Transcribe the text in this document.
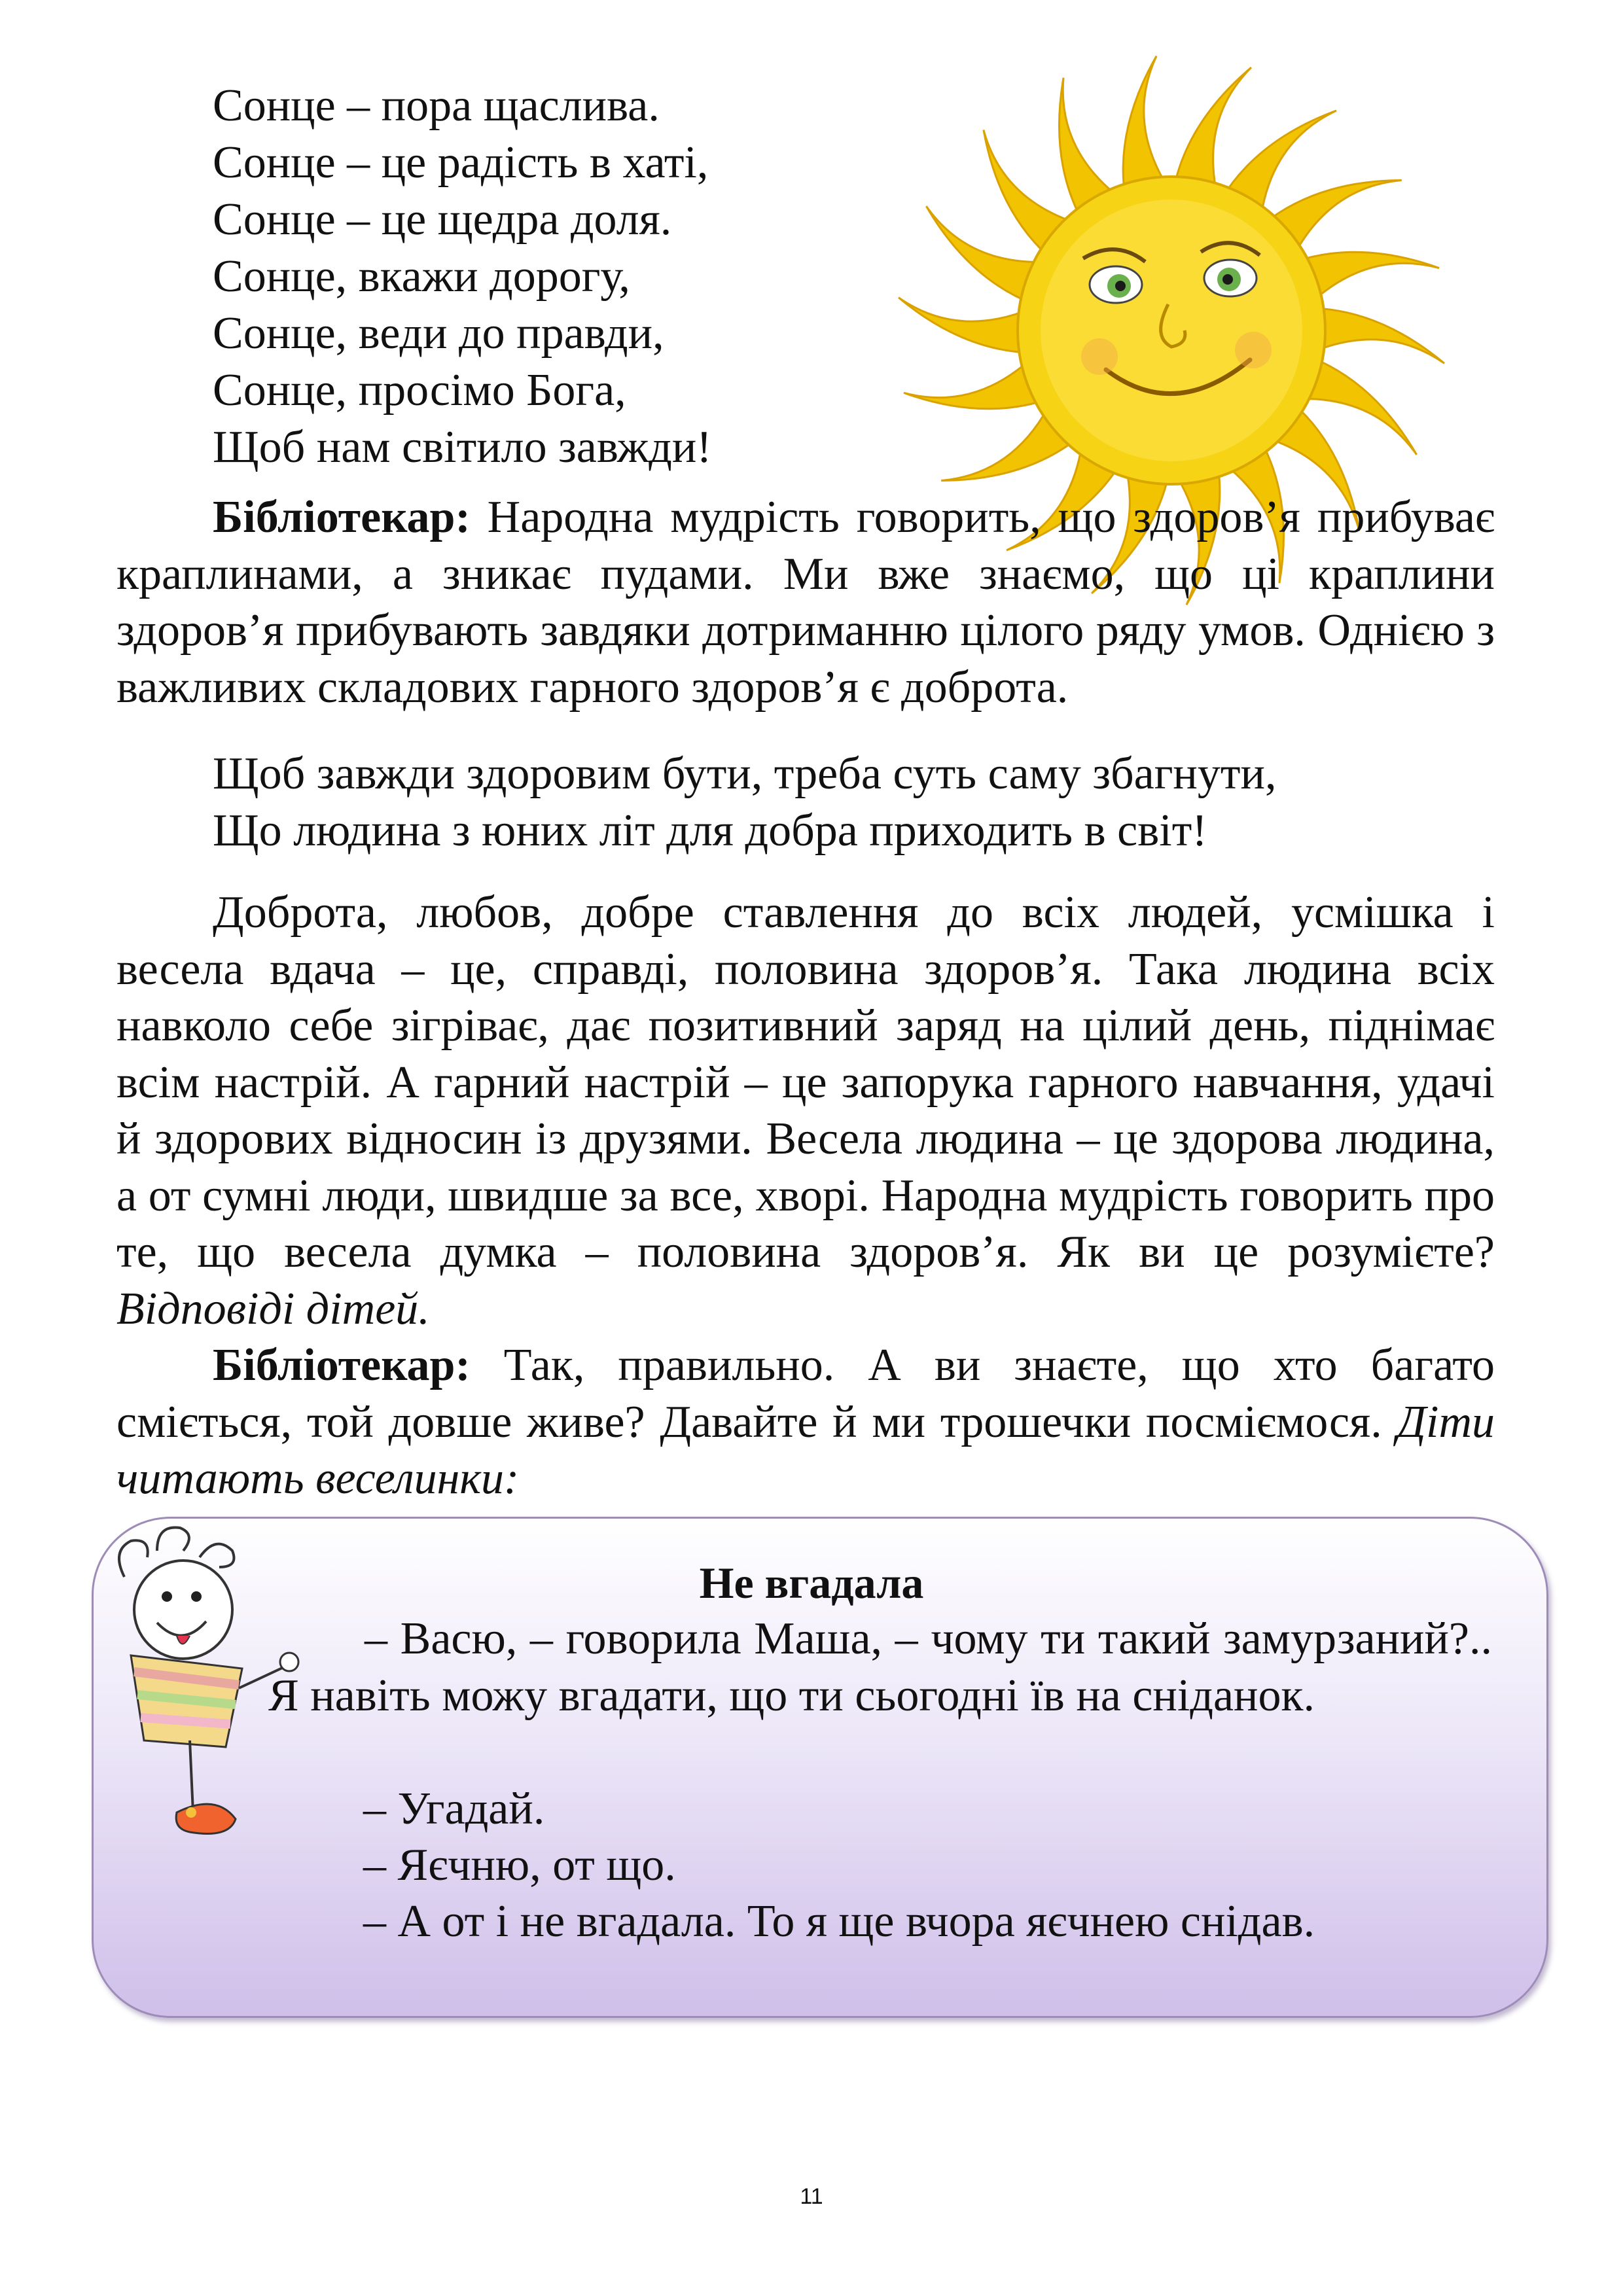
Сонце – пора щаслива.
Сонце – це радість в хаті,
Сонце – це щедра доля.
Сонце, вкажи дорогу,
Сонце, веди до правди,
Сонце, просімо Бога,
Щоб нам світило завжди!
Бібліотекар: Народна мудрість говорить, що здоров’я прибуває краплинами, а зникає пудами. Ми вже знаємо, що ці краплини здоров’я прибувають завдяки дотриманню цілого ряду умов. Однією з важливих складових гарного здоров’я є доброта.
Щоб завжди здоровим бути, треба суть саму збагнути,
Що людина з юних літ для добра приходить в світ!
Доброта, любов, добре ставлення до всіх людей, усмішка і весела вдача – це, справді, половина здоров’я. Така людина всіх навколо себе зігріває, дає позитивний заряд на цілий день, піднімає всім настрій. А гарний настрій – це запорука гарного навчання, удачі й здорових відносин із друзями. Весела людина – це здорова людина, а от сумні люди, швидше за все, хворі. Народна мудрість говорить про те, що весела думка – половина здоров’я. Як ви це розумієте? Відповіді дітей.
Бібліотекар: Так, правильно. А ви знаєте, що хто багато сміється, той довше живе? Давайте й ми трошечки посміємося. Діти читають веселинки:
Не вгадала
– Васю, – говорила Маша, – чому ти такий замурзаний?.. Я навіть можу вгадати, що ти сьогодні їв на сніданок.
– Угадай.
– Яєчню, от що.
– А от і не вгадала. То я ще вчора яєчнею снідав.
11
